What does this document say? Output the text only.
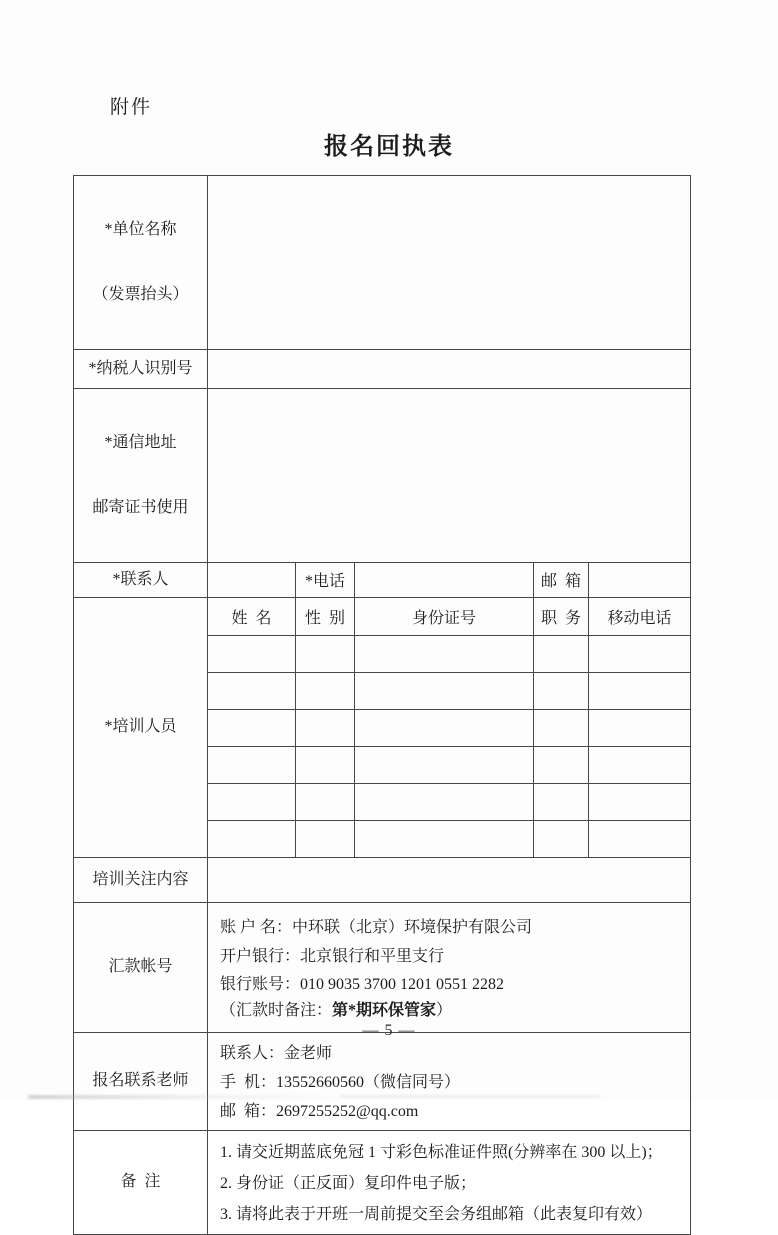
附件
报名回执表

*单位名称

（发票抬头）					

*纳税人识别号					

*通信地址

邮寄证书使用					

*联系人		*电话		邮  箱	
*培训人员	姓  名	性  别	身份证号	职  务	移动电话

培训关注内容					
汇款帐号	账 户 名：中环联（北京）环境保护有限公司
开户银行：北京银行和平里支行
银行账号：010 9035 3700 1201 0551 2282
（汇款时备注：第*期环保管家）				

报名联系老师	联系人：金老师
手  机：13552660560（微信同号）
邮  箱：2697255252@qq.com				

备  注	1. 请交近期蓝底免冠 1 寸彩色标准证件照(分辨率在 300 以上)；
2. 身份证（正反面）复印件电子版；
3. 请将此表于开班一周前提交至会务组邮箱（此表复印有效）				
— 5 —
